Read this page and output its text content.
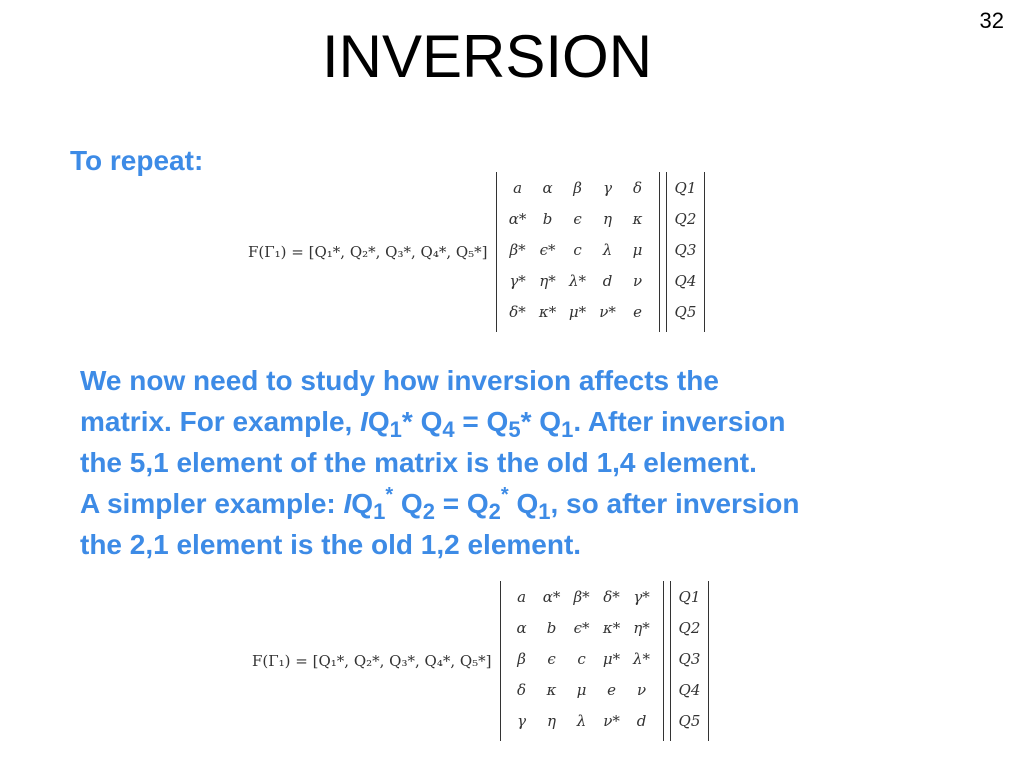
32
INVERSION
To repeat:
F(Γ₁) = [Q₁*, Q₂*, Q₃*, Q₄*, Q₅*]
a α β γ δ
α* b ϵ η κ
β* ϵ* c λ μ
γ* η* λ* d ν
δ* κ* μ* ν* e
Q1
Q2
Q3
Q4
Q5
F(Γ₁) = [Q₁*, Q₂*, Q₃*, Q₄*, Q₅*]
a α* β* δ* γ*
α b ϵ* κ* η*
β ϵ c μ* λ*
δ κ μ e ν
γ η λ ν* d
Q1
Q2
Q3
Q4
Q5
We now need to study how inversion affects the
matrix. For example, $IQ_1*$ $Q_4 = Q_5*$ $Q_1$. After inversion
the 5,1 element of the matrix is the old 1,4 element.
A simpler example: $IQ_1^*$ $Q_2 = Q_2^*$ $Q_1$, so after inversion
the 2,1 element is the old 1,2 element.
